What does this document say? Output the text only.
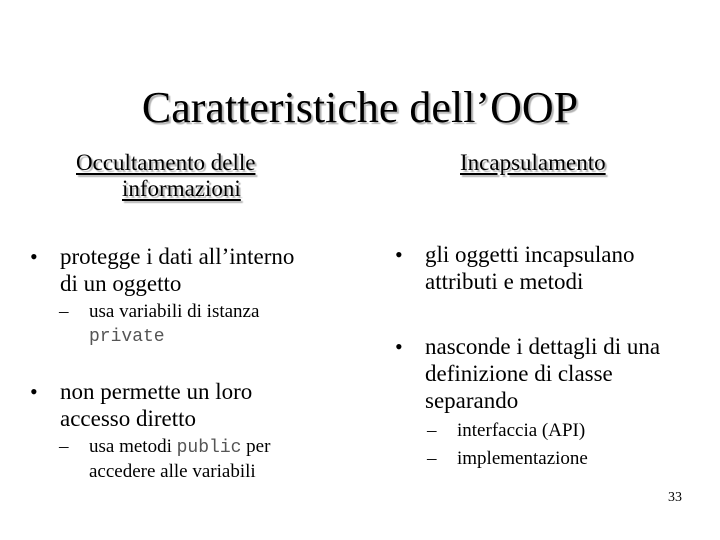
Caratteristiche dell’OOP
Occultamento delle
informazioni
• protegge i dati all’interno
di un oggetto
–	usa variabili di istanza
private
• non permette un loro
accesso diretto
–	usa metodi public per
accedere alle variabili
Incapsulamento
• gli oggetti incapsulano
attributi e metodi
• nasconde i dettagli di una
definizione di classe
separando
–	interfaccia (API)
–	implementazione
33
